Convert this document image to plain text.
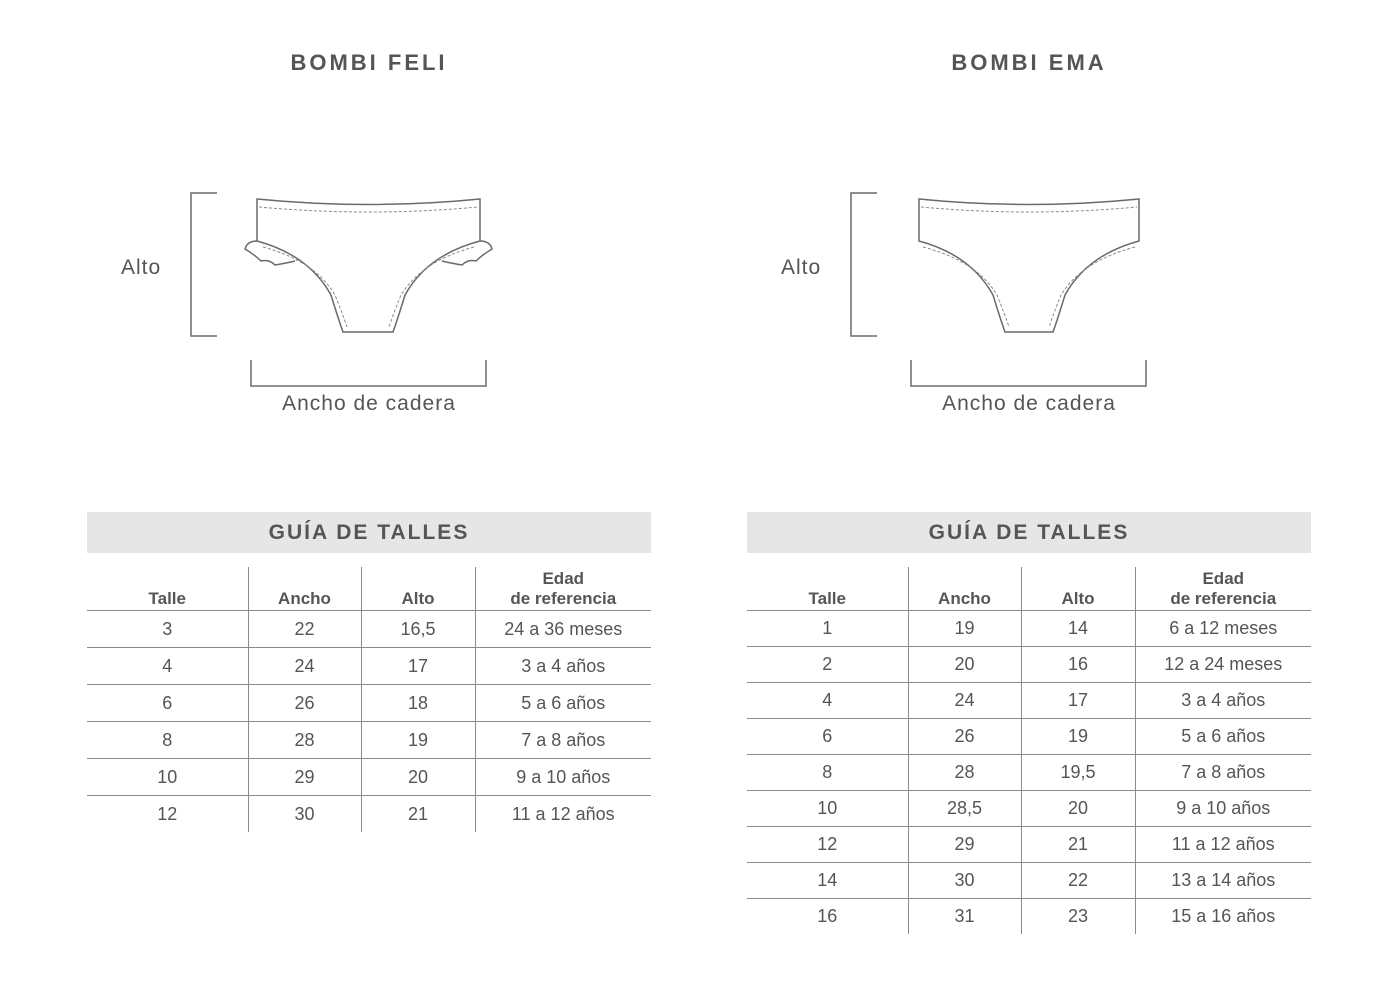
BOMBI FELI
Alto
Ancho de cadera
GUÍA DE TALLES
Talle	Ancho	Alto	Edad
de referencia
3	22	16,5	24 a 36 meses
4	24	17	3 a 4 años
6	26	18	5 a 6 años
8	28	19	7 a 8 años
10	29	20	9 a 10 años
12	30	21	11 a 12 años
BOMBI EMA
Alto
Ancho de cadera
GUÍA DE TALLES
Talle	Ancho	Alto	Edad
de referencia
1	19	14	6 a 12 meses
2	20	16	12 a 24 meses
4	24	17	3 a 4 años
6	26	19	5 a 6 años
8	28	19,5	7 a 8 años
10	28,5	20	9 a 10 años
12	29	21	11 a 12 años
14	30	22	13 a 14 años
16	31	23	15 a 16 años
